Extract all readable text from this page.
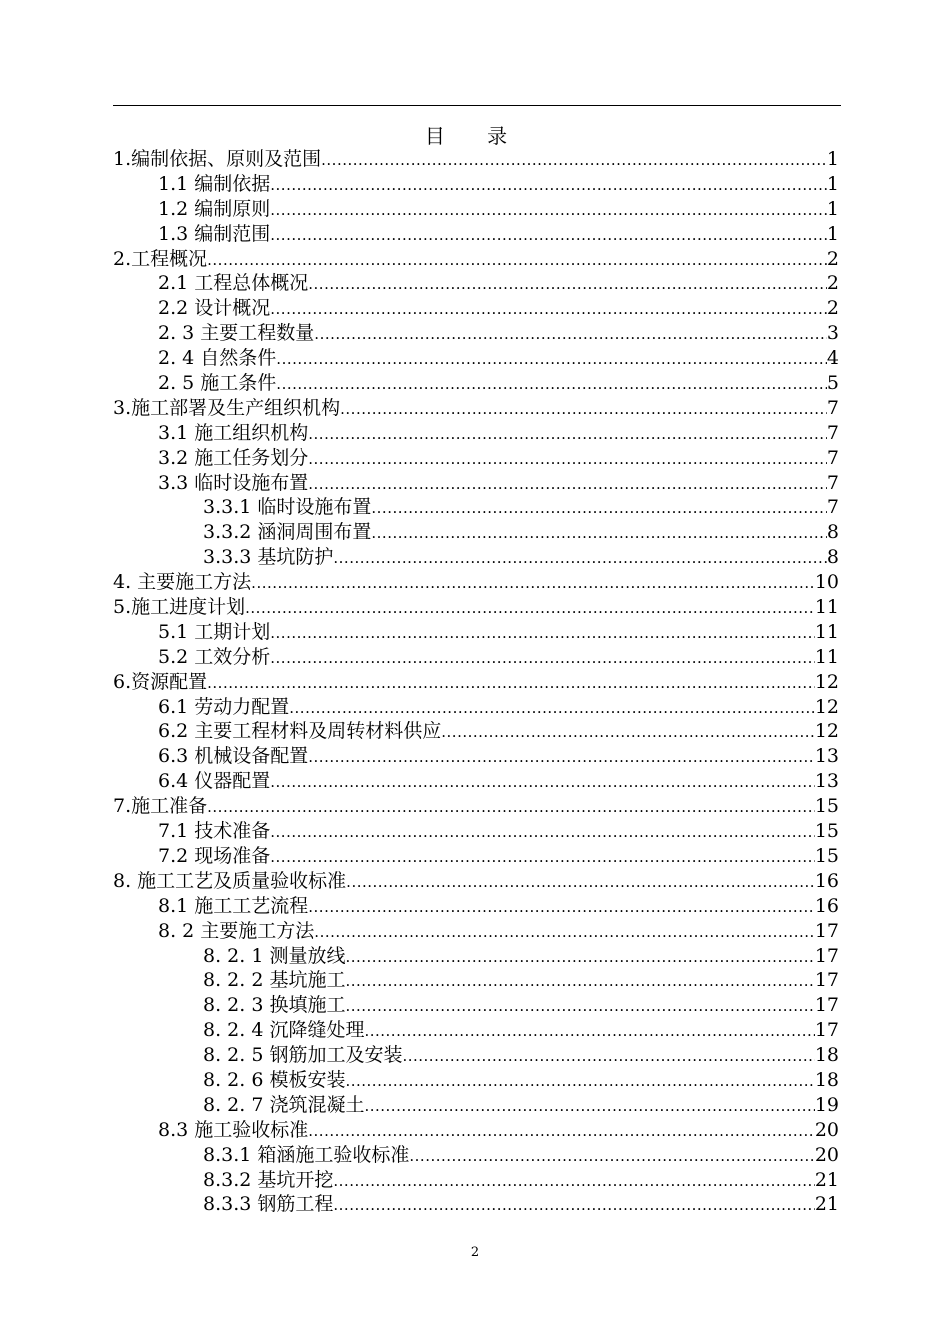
目 录
1.编制依据、原则及范围 .....	1
1.1 编制依据 .....	1
1.2 编制原则 .....	1
1.3 编制范围 .....	1
2.工程概况 .....	2
2.1 工程总体概况 .....	2
2.2 设计概况 .....	2
2. 3 主要工程数量 .....	3
2. 4 自然条件 .....	4
2. 5 施工条件 .....	5
3.施工部署及生产组织机构 .....	7
3.1 施工组织机构 .....	7
3.2 施工任务划分 .....	7
3.3 临时设施布置 .....	7
3.3.1 临时设施布置 .....	7
3.3.2 涵洞周围布置 .....	8
3.3.3 基坑防护 .....	8
4. 主要施工方法 .....	10
5.施工进度计划 .....	11
5.1 工期计划 .....	11
5.2 工效分析 .....	11
6.资源配置 .....	12
6.1 劳动力配置 .....	12
6.2 主要工程材料及周转材料供应 .....	12
6.3 机械设备配置 .....	13
6.4 仪器配置 .....	13
7.施工准备 .....	15
7.1 技术准备 .....	15
7.2 现场准备 .....	15
8. 施工工艺及质量验收标准 .....	16
8.1 施工工艺流程 .....	16
8. 2 主要施工方法 .....	17
8. 2. 1 测量放线 .....	17
8. 2. 2 基坑施工 .....	17
8. 2. 3 换填施工 .....	17
8. 2. 4 沉降缝处理 .....	17
8. 2. 5 钢筋加工及安装 .....	18
8. 2. 6 模板安装 .....	18
8. 2. 7 浇筑混凝土 .....	19
8.3 施工验收标准 .....	20
8.3.1 箱涵施工验收标准 .....	20
8.3.2 基坑开挖 .....	21
8.3.3 钢筋工程 .....	21
2
